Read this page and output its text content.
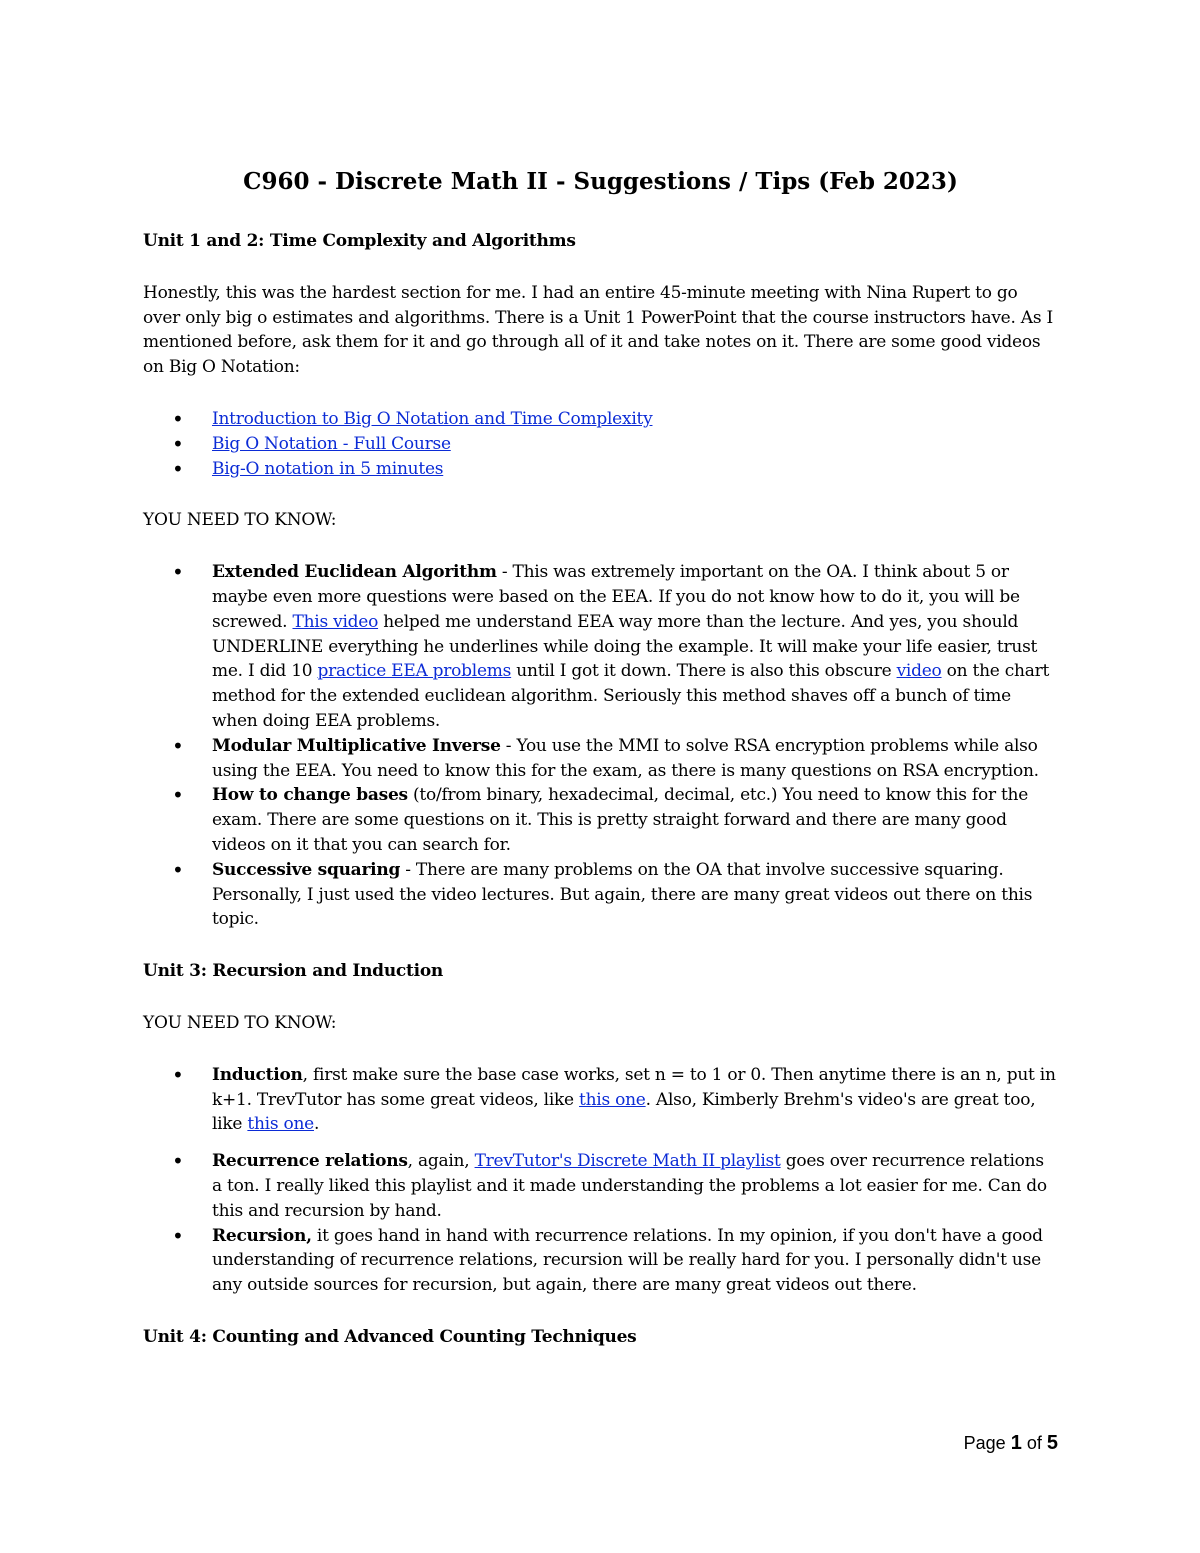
C960 - Discrete Math II - Suggestions / Tips (Feb 2023)
Unit 1 and 2: Time Complexity and Algorithms

Honestly, this was the hardest section for me. I had an entire 45-minute meeting with Nina Rupert to go over only big o estimates and algorithms. There is a Unit 1 PowerPoint that the course instructors have. As I mentioned before, ask them for it and go through all of it and take notes on it. There are some good videos on Big O Notation:

• Introduction to Big O Notation and Time Complexity
• Big O Notation - Full Course
• Big-O notation in 5 minutes

YOU NEED TO KNOW:

• Extended Euclidean Algorithm - This was extremely important on the OA. I think about 5 or maybe even more questions were based on the EEA. If you do not know how to do it, you will be screwed. This video helped me understand EEA way more than the lecture. And yes, you should UNDERLINE everything he underlines while doing the example. It will make your life easier, trust me. I did 10 practice EEA problems until I got it down. There is also this obscure video on the chart method for the extended euclidean algorithm. Seriously this method shaves off a bunch of time when doing EEA problems.
• Modular Multiplicative Inverse - You use the MMI to solve RSA encryption problems while also using the EEA. You need to know this for the exam, as there is many questions on RSA encryption.
• How to change bases (to/from binary, hexadecimal, decimal, etc.) You need to know this for the exam. There are some questions on it. This is pretty straight forward and there are many good videos on it that you can search for.
• Successive squaring - There are many problems on the OA that involve successive squaring. Personally, I just used the video lectures. But again, there are many great videos out there on this topic.
Unit 3: Recursion and Induction

YOU NEED TO KNOW:

• Induction, first make sure the base case works, set n = to 1 or 0. Then anytime there is an n, put in k+1. TrevTutor has some great videos, like this one. Also, Kimberly Brehm's video's are great too, like this one.
• Recurrence relations, again, TrevTutor's Discrete Math II playlist goes over recurrence relations a ton. I really liked this playlist and it made understanding the problems a lot easier for me. Can do this and recursion by hand.
• Recursion, it goes hand in hand with recurrence relations. In my opinion, if you don't have a good understanding of recurrence relations, recursion will be really hard for you. I personally didn't use any outside sources for recursion, but again, there are many great videos out there.
Unit 4: Counting and Advanced Counting Techniques
Page 1 of 5
